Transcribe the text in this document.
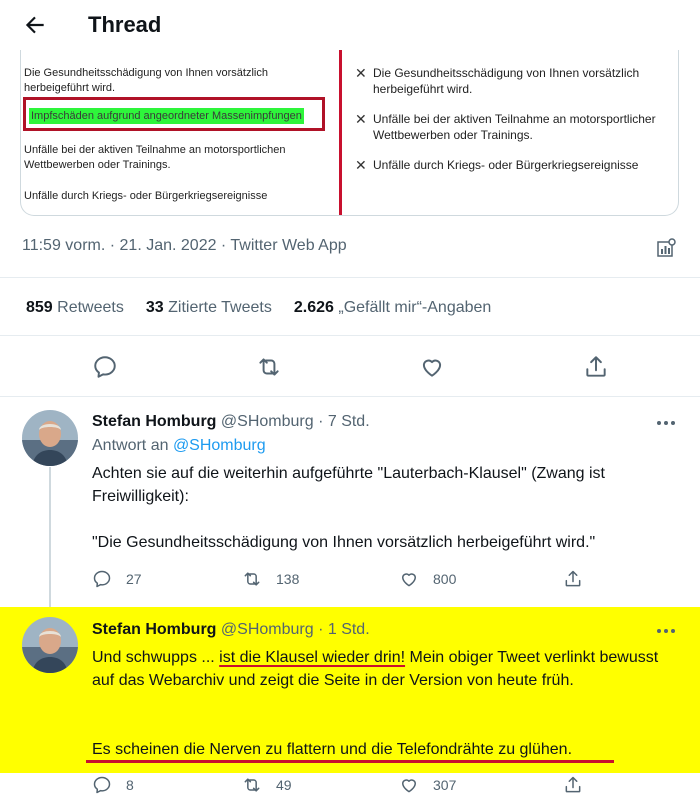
Thread
Die Gesundheitsschädigung von Ihnen vorsätzlich
herbeigeführt wird.
Impfschäden aufgrund angeordneter Massenimpfungen
Unfälle bei der aktiven Teilnahme an motorsportlichen
Wettbewerben oder Trainings.
Unfälle durch Kriegs- oder Bürgerkriegsereignisse
✕ Die Gesundheitsschädigung von Ihnen vorsätzlich herbeigeführt wird.
✕ Unfälle bei der aktiven Teilnahme an motorsportlicher Wettbewerben oder Trainings.
✕ Unfälle durch Kriegs- oder Bürgerkriegsereignisse
11:59 vorm. · 21. Jan. 2022 · Twitter Web App
859 Retweets 33 Zitierte Tweets 2.626 „Gefällt mir“-Angaben
Stefan Homburg @SHomburg · 7 Std.
Antwort an @SHomburg
Achten sie auf die weiterhin aufgeführte "Lauterbach-Klausel" (Zwang ist Freiwilligkeit):
"Die Gesundheitsschädigung von Ihnen vorsätzlich herbeigeführt wird."
27	138	800
Stefan Homburg @SHomburg · 1 Std.
Und schwupps ... ist die Klausel wieder drin! Mein obiger Tweet verlinkt bewusst auf das Webarchiv und zeigt die Seite in der Version von heute früh.
Es scheinen die Nerven zu flattern und die Telefondrähte zu glühen.
8	49	307
